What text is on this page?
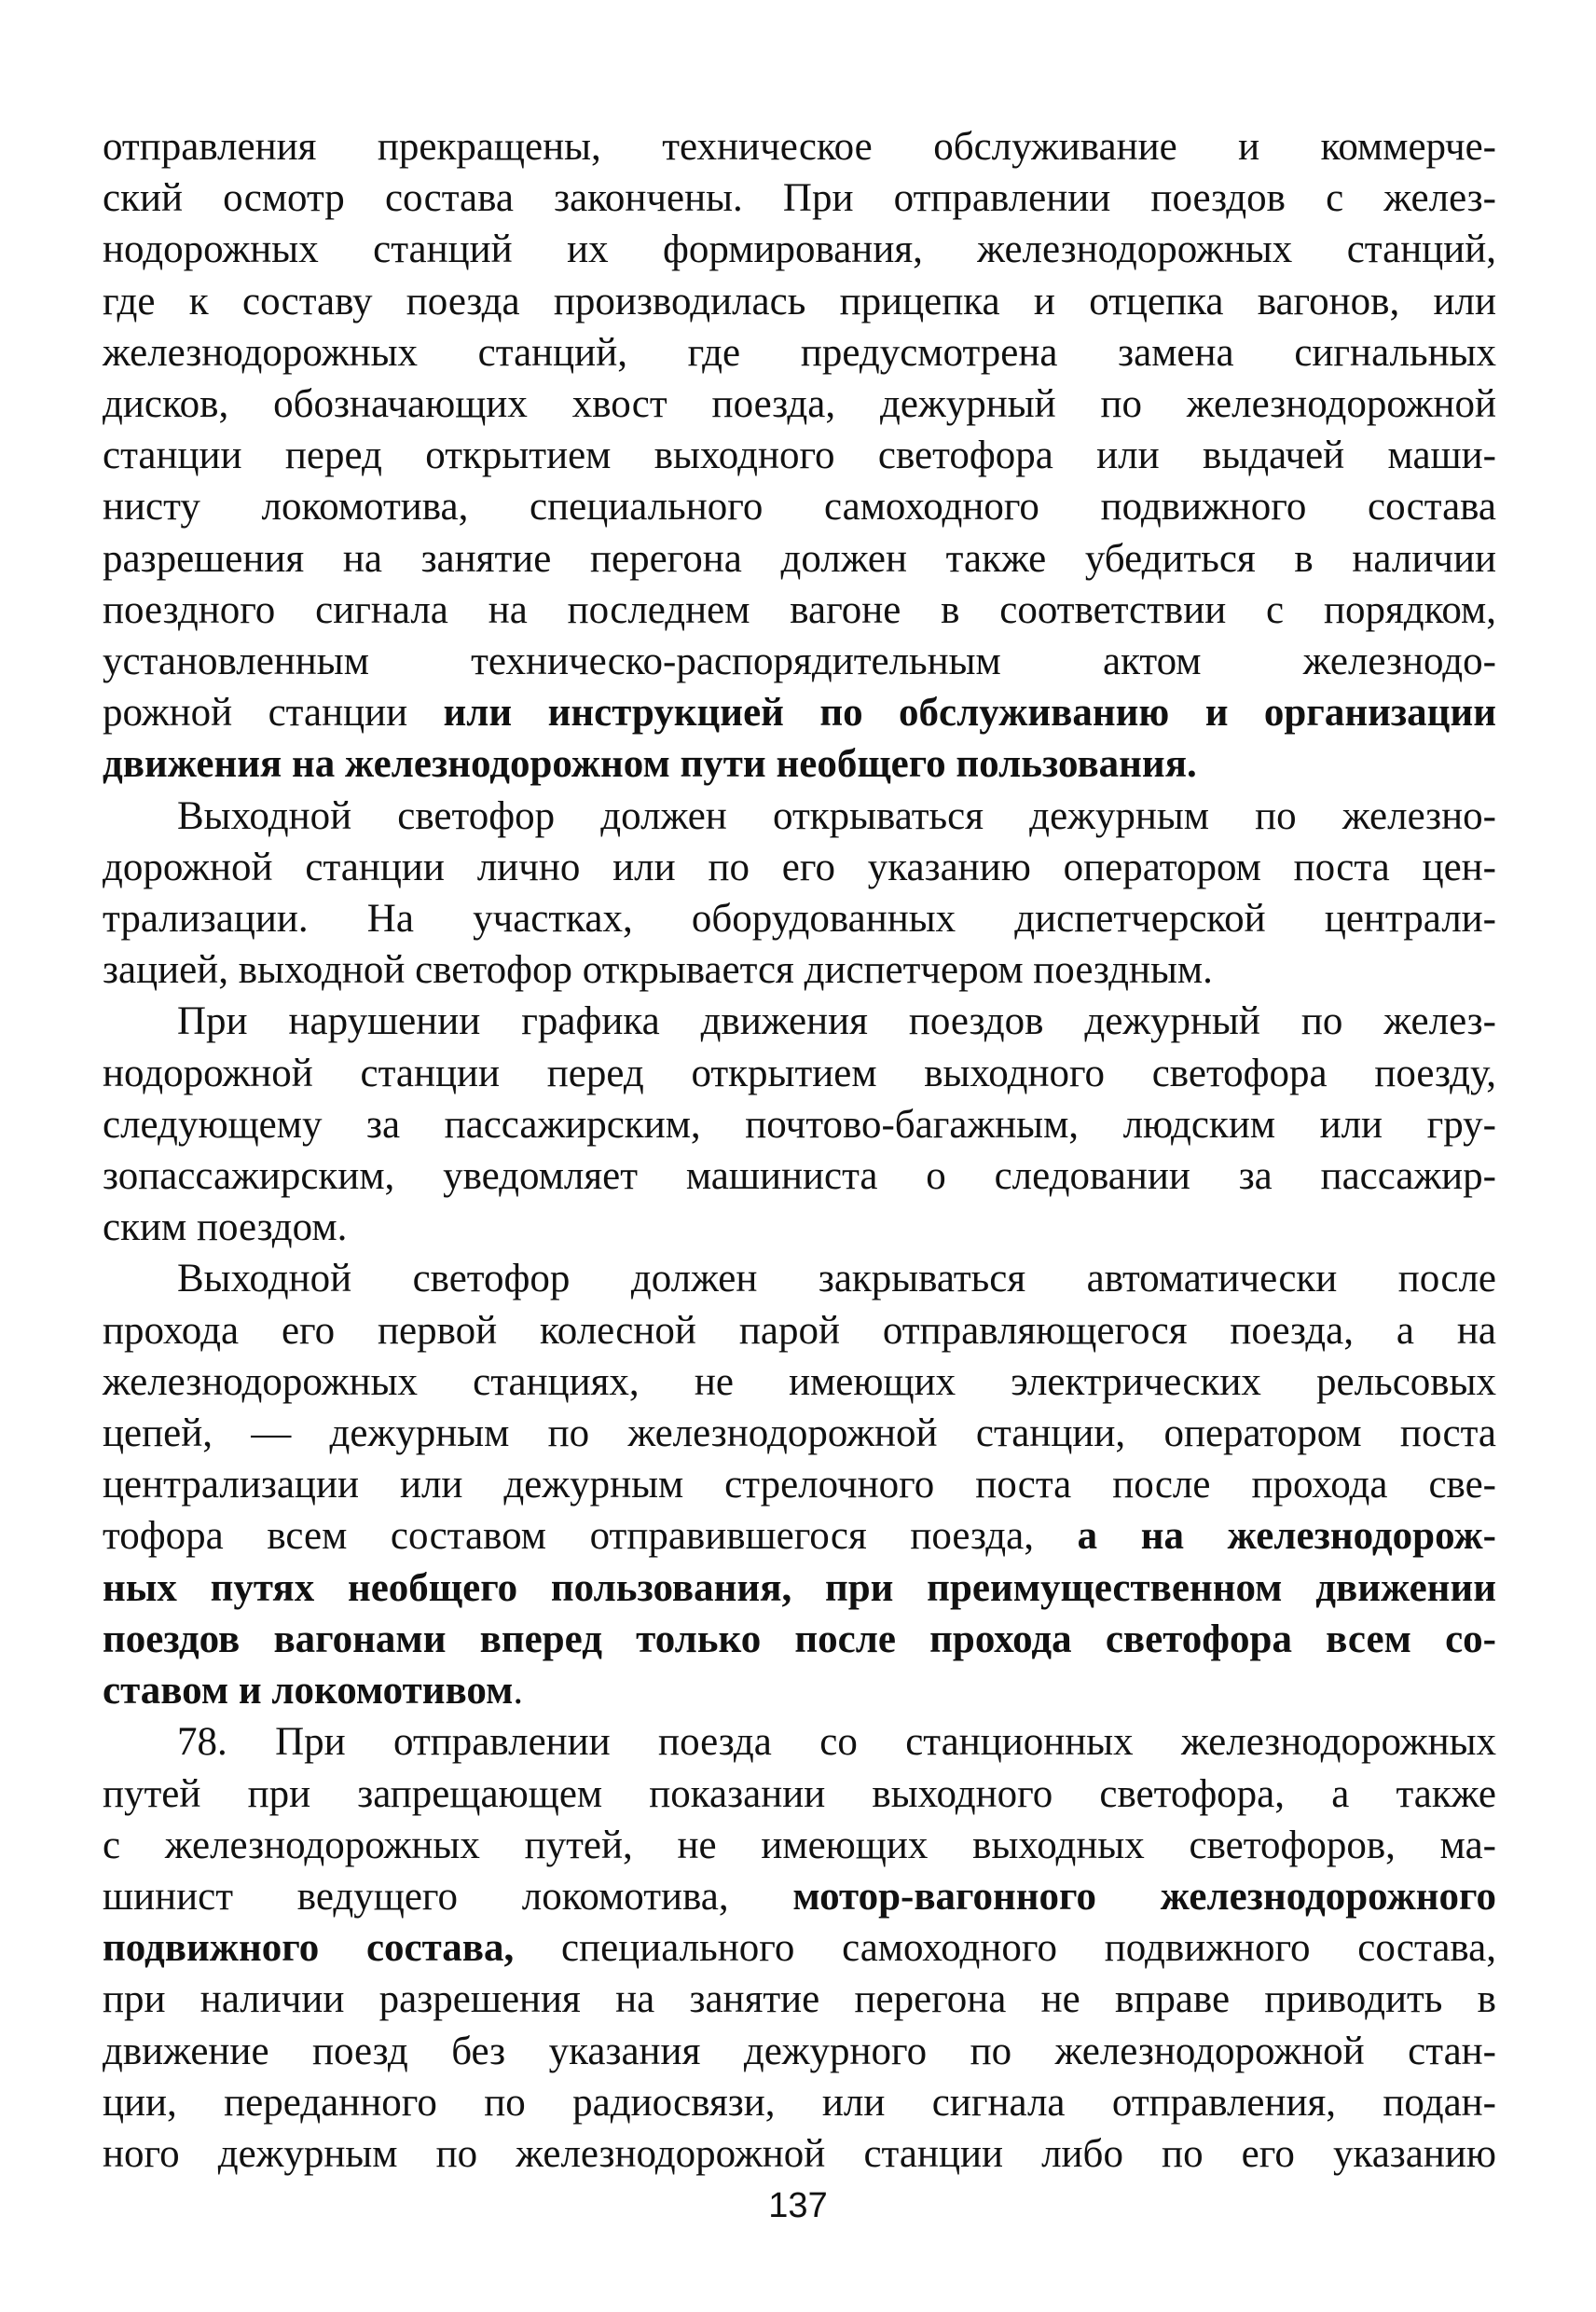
отправления прекращены, техническое обслуживание и коммерче-
ский осмотр состава закончены. При отправлении поездов с желез-
нодорожных станций их формирования, железнодорожных станций,
где к составу поезда производилась прицепка и отцепка вагонов, или
железнодорожных станций, где предусмотрена замена сигнальных
дисков, обозначающих хвост поезда, дежурный по железнодорожной
станции перед открытием выходного светофора или выдачей маши-
нисту локомотива, специального самоходного подвижного состава
разрешения на занятие перегона должен также убедиться в наличии
поездного сигнала на последнем вагоне в соответствии с порядком,
установленным техническо-распорядительным актом железнодо-
рожной станции или инструкцией по обслуживанию и организации
движения на железнодорожном пути необщего пользования.
Выходной светофор должен открываться дежурным по железно-
дорожной станции лично или по его указанию оператором поста цен-
трализации. На участках, оборудованных диспетчерской централи-
зацией, выходной светофор открывается диспетчером поездным.
При нарушении графика движения поездов дежурный по желез-
нодорожной станции перед открытием выходного светофора поезду,
следующему за пассажирским, почтово-багажным, людским или гру-
зопассажирским, уведомляет машиниста о следовании за пассажир-
ским поездом.
Выходной светофор должен закрываться автоматически после
прохода его первой колесной парой отправляющегося поезда, а на
железнодорожных станциях, не имеющих электрических рельсовых
цепей, — дежурным по железнодорожной станции, оператором поста
централизации или дежурным стрелочного поста после прохода све-
тофора всем составом отправившегося поезда, а на железнодорож-
ных путях необщего пользования, при преимущественном движении
поездов вагонами вперед только после прохода светофора всем со-
ставом и локомотивом.
78. При отправлении поезда со станционных железнодорожных
путей при запрещающем показании выходного светофора, а также
с железнодорожных путей, не имеющих выходных светофоров, ма-
шинист ведущего локомотива, мотор-вагонного железнодорожного
подвижного состава, специального самоходного подвижного состава,
при наличии разрешения на занятие перегона не вправе приводить в
движение поезд без указания дежурного по железнодорожной стан-
ции, переданного по радиосвязи, или сигнала отправления, подан-
ного дежурным по железнодорожной станции либо по его указанию
137
